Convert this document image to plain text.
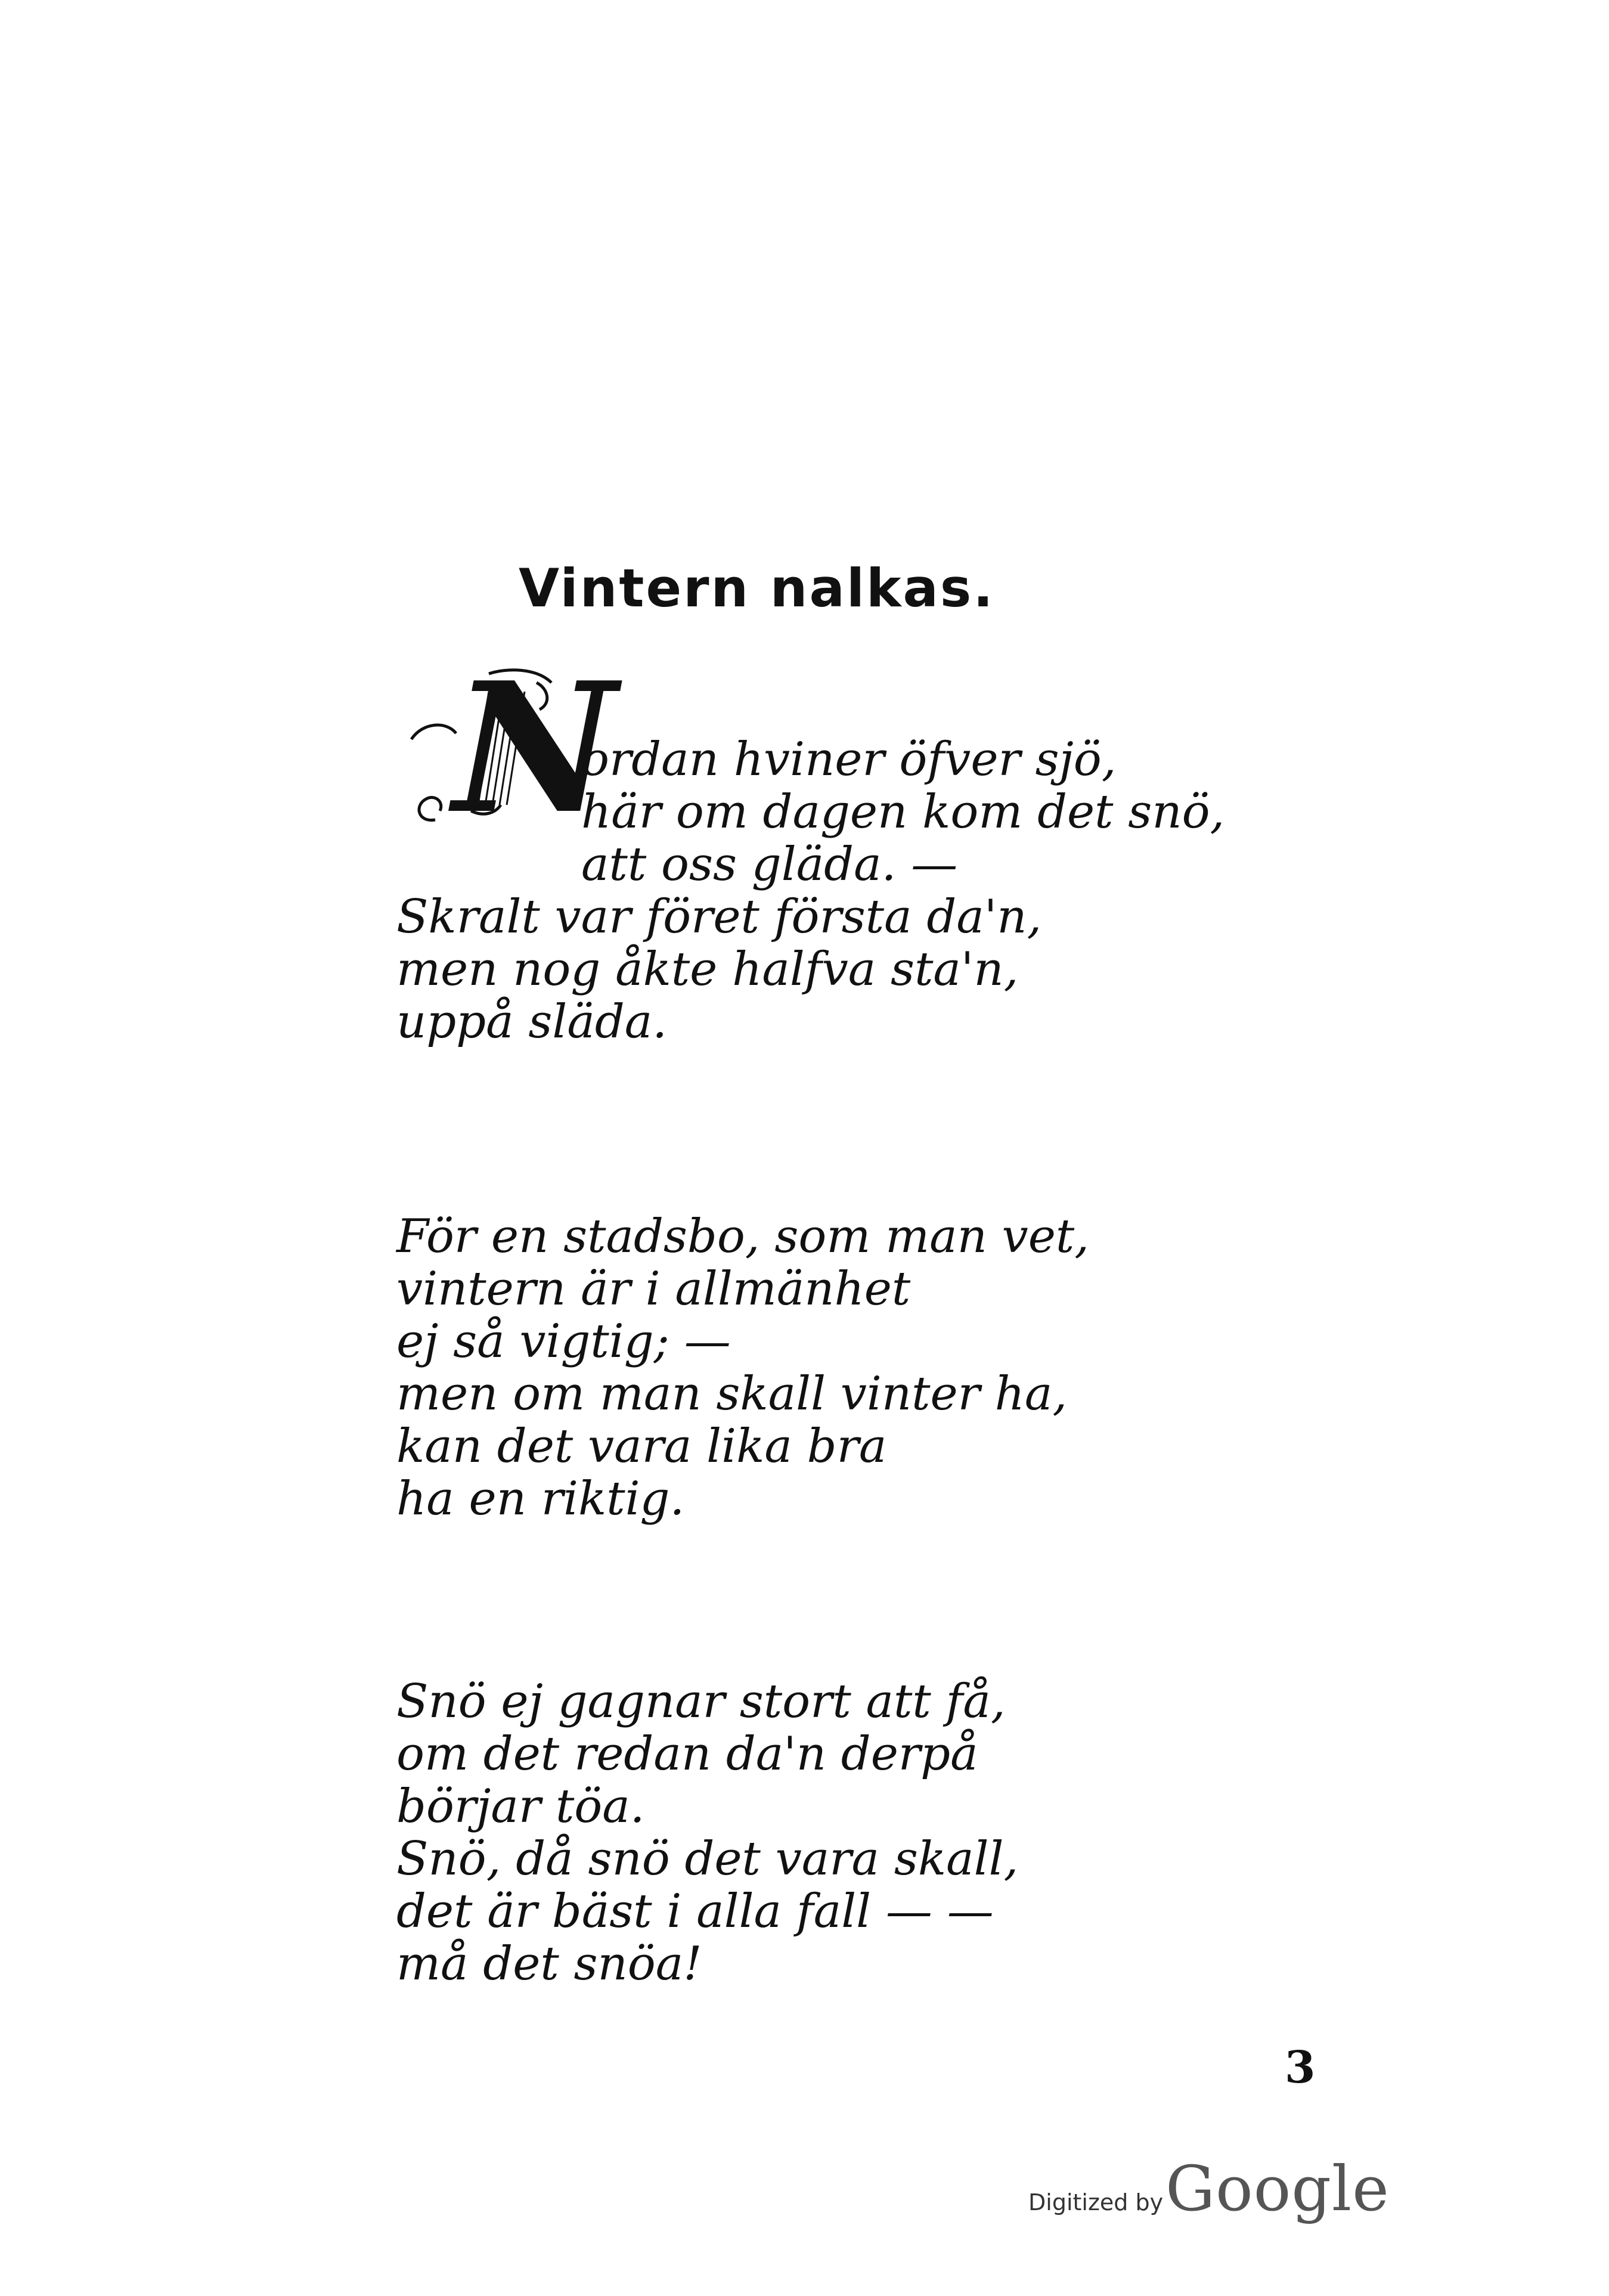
Vintern nalkas.
N
ordan hviner öfver sjö,
här om dagen kom det snö,
att oss gläda. —
Skralt var föret första da'n,
men nog åkte halfva sta'n,
uppå släda.
För en stadsbo, som man vet,
vintern är i allmänhet
ej så vigtig; —
men om man skall vinter ha,
kan det vara lika bra
ha en riktig.
Snö ej gagnar stort att få,
om det redan da'n derpå
börjar töa.
Snö, då snö det vara skall,
det är bäst i alla fall — —
må det snöa!
3
Digitized by Google
